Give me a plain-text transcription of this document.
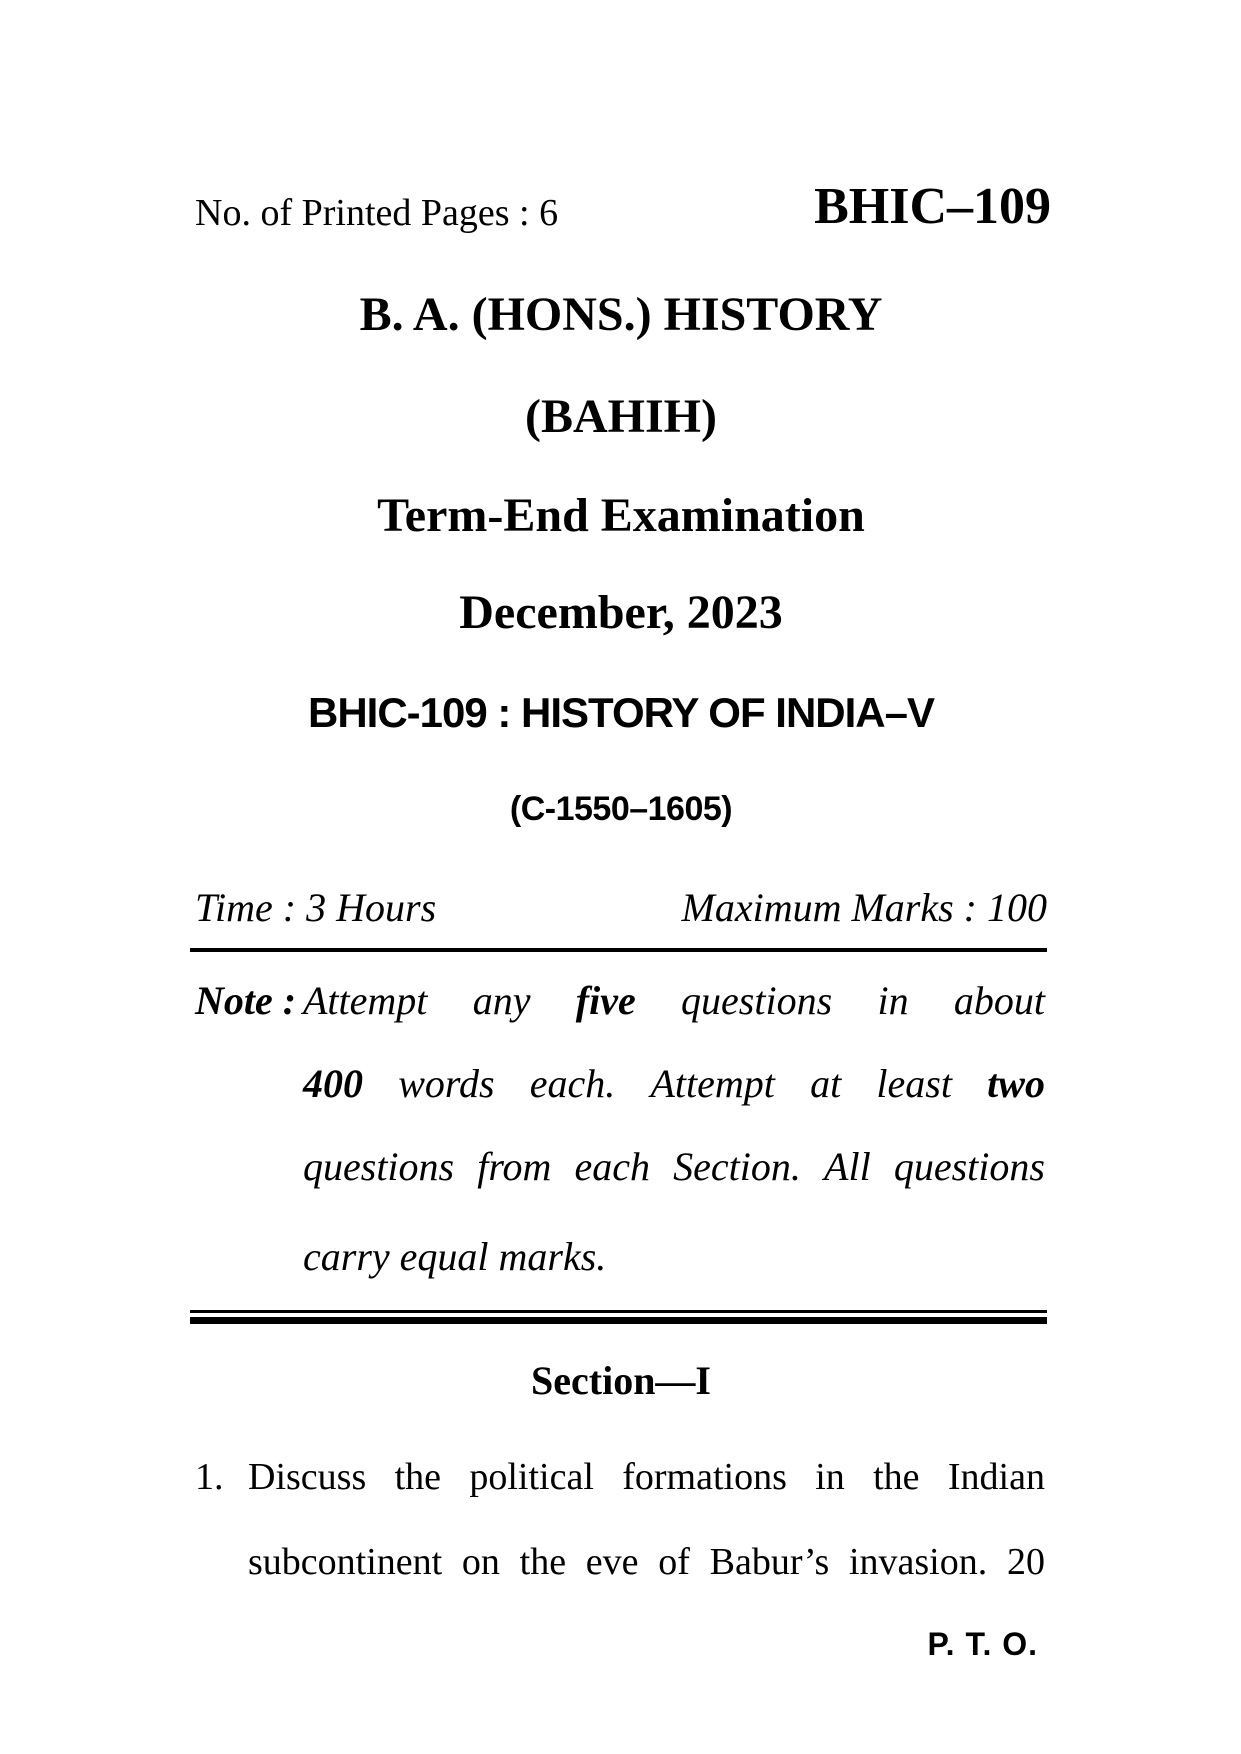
No. of Printed Pages : 6	BHIC–109
B. A. (HONS.) HISTORY
(BAHIH)
Term-End Examination
December, 2023
BHIC-109 : HISTORY OF INDIA–V
(C-1550–1605)
Time : 3 Hours	Maximum Marks : 100
Note : Attempt any five questions in about
400 words each. Attempt at least two
questions from each Section. All questions
carry equal marks.
Section—I
1. Discuss the political formations in the Indian
subcontinent on the eve of Babur’s invasion. 20
P. T. O.
